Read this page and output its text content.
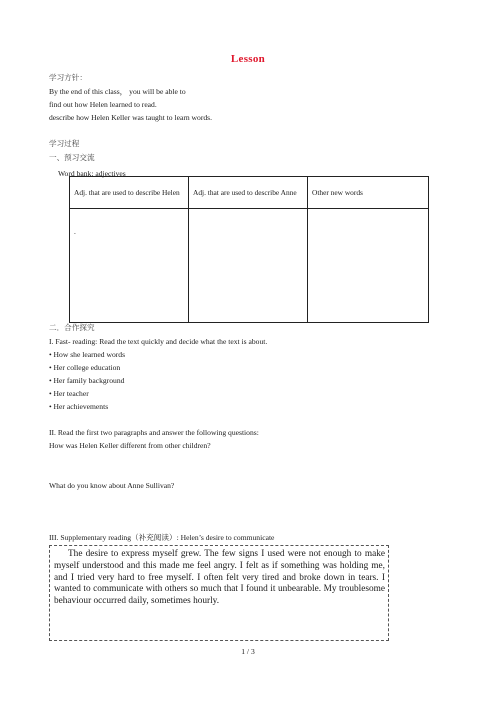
Lesson
学习方针：
By the end of this class， you will be able to
find out how Helen learned to read.
describe how Helen Keller was taught to learn words.
学习过程
一、预习交流
Word bank: adjectives
Adj. that are used to describe Helen	Adj. that are used to describe Anne	Other new words
.		
二．合作探究
I. Fast- reading: Read the text quickly and decide what the text is about.
• How she learned words
• Her college education
• Her family background
• Her teacher
• Her achievements
II. Read the first two paragraphs and answer the following questions:
How was Helen Keller different from other children?
What do you know about Anne Sullivan?
III. Supplementary reading（补充阅读）: Helen’s desire to communicate

The desire to express myself grew. The few signs I used were not enough to make myself understood and this made me feel angry. I felt as if something was holding me, and I tried very hard to free myself. I often felt very tired and broke down in tears. I wanted to communicate with others so much that I found it unbearable. My troublesome behaviour occurred daily, sometimes hourly.

1 / 3
